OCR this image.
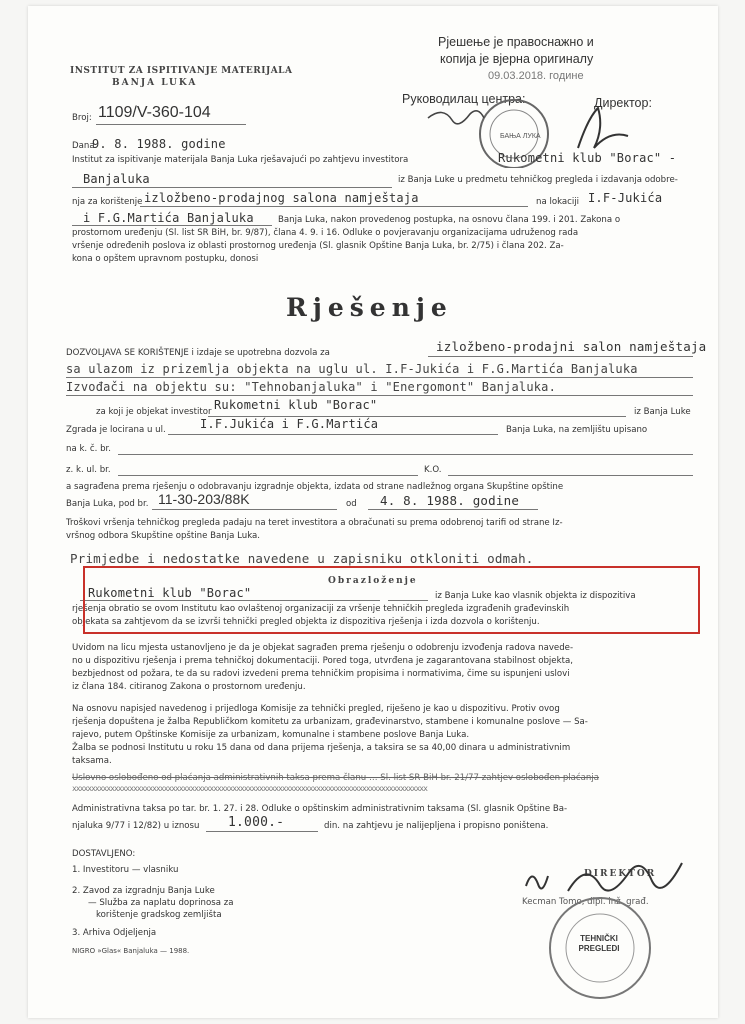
Рјешење је правоснажно и
копија је вјерна оригиналу
09.03.2018. године
Руководилац центра:	Директор:
БАЊА ЛУКА
INSTITUT ZA ISPITIVANJE MATERIJALA
BANJA LUKA
Broj: 1109/V-360-104
Dana
9. 8. 1988. godine
Institut za ispitivanje materijala Banja Luka rješavajući po zahtjevu investitora	Rukometni klub "Borac" -
Banjaluka	iz Banja Luke u predmetu tehničkog pregleda i izdavanja odobre-
nja za korištenje izložbeno-prodajnog salona namještaja	na lokaciji I.F-Jukića
i F.G.Martića Banjaluka	Banja Luka, nakon provedenog postupka, na osnovu člana 199. i 201. Zakona o
prostornom uređenju (Sl. list SR BiH, br. 9/87), člana 4. 9. i 16. Odluke o povjeravanju organizacijama udruženog rada
vršenje određenih poslova iz oblasti prostornog uređenja (Sl. glasnik Opštine Banja Luka, br. 2/75) i člana 202. Za-
kona o opštem upravnom postupku, donosi
Rješenje
DOZVOLJAVA SE KORIŠTENJE i izdaje se upotrebna dozvola za	izložbeno-prodajni salon namještaja
sa ulazom iz prizemlja objekta na uglu ul. I.F-Jukića i F.G.Martića Banjaluka
Izvođači na objektu su: "Tehnobanjaluka" i "Energomont" Banjaluka.
za koji je objekat investitor Rukometni klub "Borac"	iz Banja Luke
Zgrada je locirana u ul.	I.F.Jukića i F.G.Martića	Banja Luka, na zemljištu upisano
na k. č. br.
z. k. ul. br.	K.O.
a sagrađena prema rješenju o odobravanju izgradnje objekta, izdata od strane nadležnog organa Skupštine opštine
Banja Luka, pod br. 11-30-203/88K	od 4. 8. 1988. godine
Troškovi vršenja tehničkog pregleda padaju na teret investitora a obračunati su prema odobrenoj tarifi od strane Iz-
vršnog odbora Skupštine opštine Banja Luka.
Primjedbe i nedostatke navedene u zapisniku otkloniti odmah.
Obrazloženje
Rukometni klub "Borac"	iz Banja Luke kao vlasnik objekta iz dispozitiva
rješenja obratio se ovom Institutu kao ovlaštenoj organizaciji za vršenje tehničkih pregleda izgrađenih građevinskih
objekata sa zahtjevom da se izvrši tehnički pregled objekta iz dispozitiva rješenja i izda dozvola o korištenju.
Uvidom na licu mjesta ustanovljeno je da je objekat sagrađen prema rješenju o odobrenju izvođenja radova navede-
no u dispozitivu rješenja i prema tehničkoj dokumentaciji. Pored toga, utvrđena je zagarantovana stabilnost objekta,
bezbjednost od požara, te da su radovi izvedeni prema tehničkim propisima i normativima, čime su ispunjeni uslovi
iz člana 184. citiranog Zakona o prostornom uređenju.
Na osnovu napisjed navedenog i prijedloga Komisije za tehnički pregled, riješeno je kao u dispozitivu. Protiv ovog
rješenja dopuštena je žalba Republičkom komitetu za urbanizam, građevinarstvo, stambene i komunalne poslove — Sa-
rajevo, putem Opštinske Komisije za urbanizam, komunalne i stambene poslove Banja Luka.
Žalba se podnosi Institutu u roku 15 dana od dana prijema rješenja, a taksira se sa 40,00 dinara u administrativnim
taksama.
Uslovno oslobođeno od plaćanja administrativnih taksa prema članu … Sl. list SR BiH br. 21/77 zahtjev oslobođen plaćanja
xxxxxxxxxxxxxxxxxxxxxxxxxxxxxxxxxxxxxxxxxxxxxxxxxxxxxxxxxxxxxxxxxxxxxxxxxxxxxxxxxxxxxxxxxxxxx
Administrativna taksa po tar. br. 1. 27. i 28. Odluke o opštinskim administrativnim taksama (Sl. glasnik Opštine Ba-
njaluka 9/77 i 12/82) u iznosu 1.000.-	din. na zahtjevu je nalijepljena i propisno poništena.
DOSTAVLJENO:
1. Investitoru — vlasniku
2. Zavod za izgradnju Banja Luke
— Služba za naplatu doprinosa za
korištenje gradskog zemljišta
3. Arhiva Odjeljenja
NIGRO »Glas« Banjaluka — 1988.
DIREKTOR
Kecman Tomo, dipl. inž. građ.
TEHNIČKI PREGLEDI
